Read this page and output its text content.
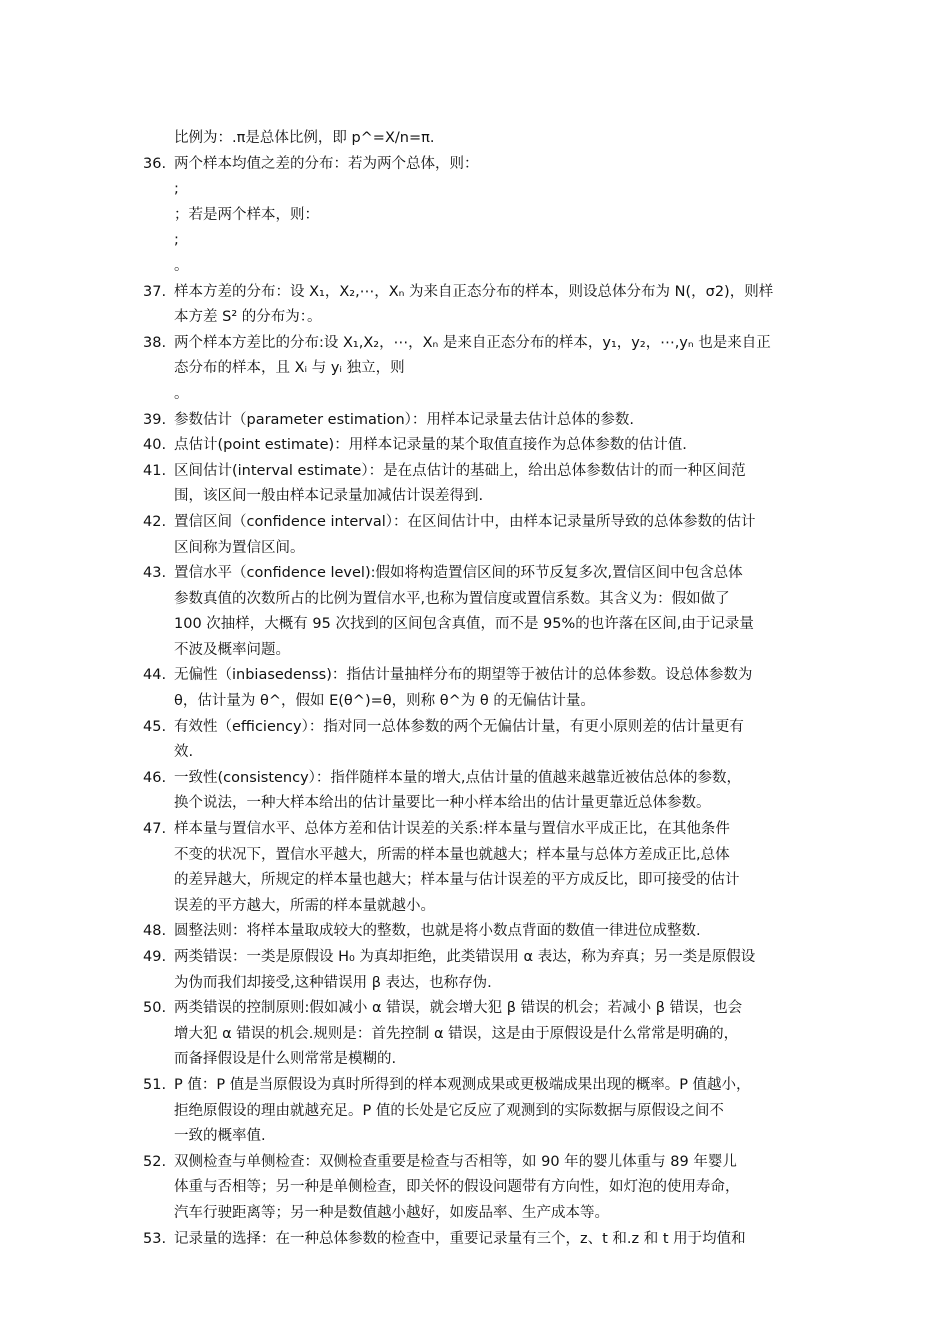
比例为：.π是总体比例，即 p^=X/n=π.
36. 两个样本均值之差的分布：若为两个总体，则：
;
；若是两个样本，则：
;
。
37. 样本方差的分布：设 X₁，X₂,⋯，Xₙ 为来自正态分布的样本，则设总体分布为 N(，σ2)，则样
本方差 S² 的分布为：。
38. 两个样本方差比的分布:设 X₁,X₂，⋯，Xₙ 是来自正态分布的样本，y₁，y₂，⋯,yₙ 也是来自正
态分布的样本，且 Xᵢ 与 yᵢ 独立，则
。
39. 参数估计（parameter estimation）：用样本记录量去估计总体的参数.
40. 点估计(point estimate)：用样本记录量的某个取值直接作为总体参数的估计值.
41. 区间估计(interval estimate）：是在点估计的基础上，给出总体参数估计的而一种区间范
围，该区间一般由样本记录量加减估计误差得到.
42. 置信区间（confidence interval）：在区间估计中，由样本记录量所导致的总体参数的估计
区间称为置信区间。
43. 置信水平（confidence level):假如将构造置信区间的环节反复多次,置信区间中包含总体
参数真值的次数所占的比例为置信水平,也称为置信度或置信系数。其含义为：假如做了
100 次抽样，大概有 95 次找到的区间包含真值，而不是 95%的也许落在区间,由于记录量
不波及概率问题。
44. 无偏性（inbiasedenss)：指估计量抽样分布的期望等于被估计的总体参数。设总体参数为
θ，估计量为 θ^，假如 E(θ^)=θ，则称 θ^为 θ 的无偏估计量。
45. 有效性（efficiency）：指对同一总体参数的两个无偏估计量，有更小原则差的估计量更有
效.
46. 一致性(consistency）：指伴随样本量的增大,点估计量的值越来越靠近被估总体的参数，
换个说法，一种大样本给出的估计量要比一种小样本给出的估计量更靠近总体参数。
47. 样本量与置信水平、总体方差和估计误差的关系:样本量与置信水平成正比，在其他条件
不变的状况下，置信水平越大，所需的样本量也就越大；样本量与总体方差成正比,总体
的差异越大，所规定的样本量也越大；样本量与估计误差的平方成反比，即可接受的估计
误差的平方越大，所需的样本量就越小。
48. 圆整法则：将样本量取成较大的整数，也就是将小数点背面的数值一律进位成整数.
49. 两类错误：一类是原假设 H₀ 为真却拒绝，此类错误用 α 表达，称为弃真；另一类是原假设
为伪而我们却接受,这种错误用 β 表达，也称存伪.
50. 两类错误的控制原则:假如减小 α 错误，就会增大犯 β 错误的机会；若减小 β 错误，也会
增大犯 α 错误的机会.规则是：首先控制 α 错误，这是由于原假设是什么常常是明确的，
而备择假设是什么则常常是模糊的.
51. P 值：P 值是当原假设为真时所得到的样本观测成果或更极端成果出现的概率。P 值越小，
拒绝原假设的理由就越充足。P 值的长处是它反应了观测到的实际数据与原假设之间不
一致的概率值.
52. 双侧检查与单侧检查：双侧检查重要是检查与否相等，如 90 年的婴儿体重与 89 年婴儿
体重与否相等；另一种是单侧检查，即关怀的假设问题带有方向性，如灯泡的使用寿命，
汽车行驶距离等；另一种是数值越小越好，如废品率、生产成本等。
53. 记录量的选择：在一种总体参数的检查中，重要记录量有三个，z、t 和.z 和 t 用于均值和
